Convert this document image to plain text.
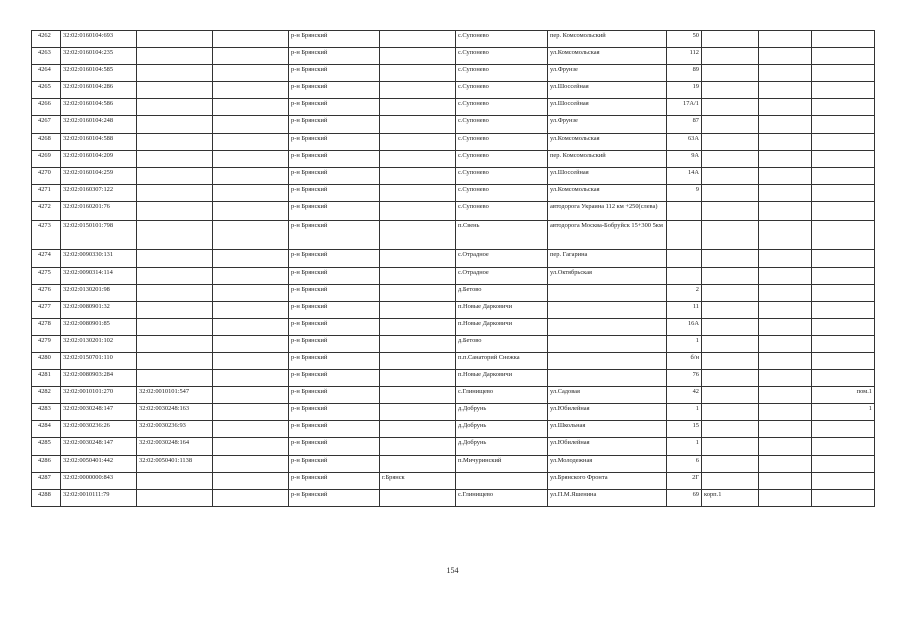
4262	32:02:0160104:693			р-н Брянский		с.Супонево	пер. Комсомольский	50			
4263	32:02:0160104:235			р-н Брянский		с.Супонево	ул.Комсомольская	112			
4264	32:02:0160104:585			р-н Брянский		с.Супонево	ул.Фрунзе	89			
4265	32:02:0160104:286			р-н Брянский		с.Супонево	ул.Шоссейная	19			
4266	32:02:0160104:586			р-н Брянский		с.Супонево	ул.Шоссейная	17А/1			
4267	32:02:0160104:248			р-н Брянский		с.Супонево	ул.Фрунзе	87			
4268	32:02:0160104:588			р-н Брянский		с.Супонево	ул.Комсомольская	63А			
4269	32:02:0160104:209			р-н Брянский		с.Супонево	пер. Комсомольский	9А			
4270	32:02:0160104:259			р-н Брянский		с.Супонево	ул.Шоссейная	14А			
4271	32:02:0160307:122			р-н Брянский		с.Супонево	ул.Комсомольская	9			
4272	32:02:0160201:76			р-н Брянский		с.Супонево	автодорога Украина 112 км +250(слева)				
4273	32:02:0150101:798			р-н Брянский		п.Свень	автодорога Москва-Бобруйск 15+300 5км				
4274	32:02:0090330:131			р-н Брянский		с.Отрадное	пер. Гагарина				
4275	32:02:0090314:114			р-н Брянский		с.Отрадное	ул.Октябрьская				
4276	32:02:0130201:98			р-н Брянский		д.Бетово		2			
4277	32:02:0080901:32			р-н Брянский		п.Новые Дарковичи		11			
4278	32:02:0080901:85			р-н Брянский		п.Новые Дарковичи		16А			
4279	32:02:0130201:102			р-н Брянский		д.Бетово		1			
4280	32:02:0150701:110			р-н Брянский		п.п.Санаторий Снежка		б/н			
4281	32:02:0080903:284			р-н Брянский		п.Новые Дарковичи		76			
4282	32:02:0010101:270	32:02:0010101:547		р-н Брянский		с.Глинищево	ул.Садовая	42			пом.1
4283	32:02:0030248:147	32:02:0030248:163		р-н Брянский		д.Добрунь	ул.Юбилейная	1			1
4284	32:02:0030236:26	32:02:0030236:93		р-н Брянский		д.Добрунь	ул.Школьная	15			
4285	32:02:0030248:147	32:02:0030248:164		р-н Брянский		д.Добрунь	ул.Юбилейная	1			
4286	32:02:0050401:442	32:02:0050401:1138		р-н Брянский		п.Мичуринский	ул.Молодежная	6			
4287	32:02:0000000:843			р-н Брянский	г.Брянск		ул.Брянского Фронта	2Г			
4288	32:02:0010111:79			р-н Брянский		с.Глинищево	ул.П.М.Яшенина	69	корп.1		
154
